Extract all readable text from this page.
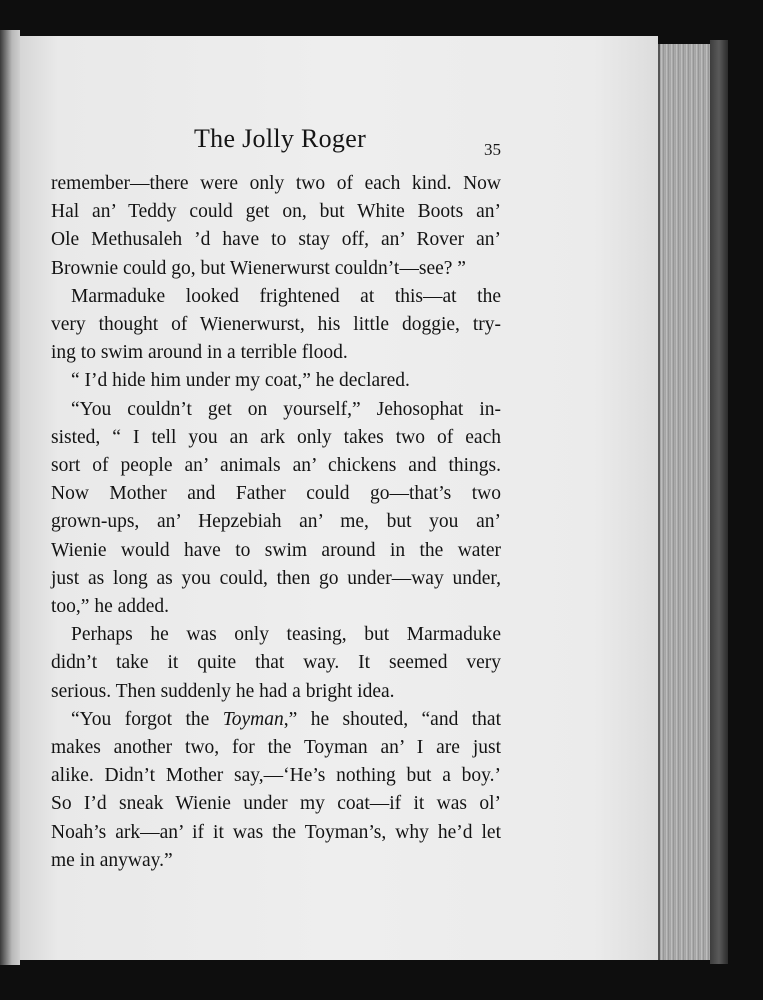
The Jolly Roger	35
remember—there were only two of each kind. Now
Hal an’ Teddy could get on, but White Boots an’
Ole Methusaleh ’d have to stay off, an’ Rover an’
Brownie could go, but Wienerwurst couldn’t—see? ”
Marmaduke looked frightened at this—at the
very thought of Wienerwurst, his little doggie, try-
ing to swim around in a terrible flood.
“ I’d hide him under my coat,” he declared.
“You couldn’t get on yourself,” Jehosophat in-
sisted, “ I tell you an ark only takes two of each
sort of people an’ animals an’ chickens and things.
Now Mother and Father could go—that’s two
grown-ups, an’ Hepzebiah an’ me, but you an’
Wienie would have to swim around in the water
just as long as you could, then go under—way under,
too,” he added.
Perhaps he was only teasing, but Marmaduke
didn’t take it quite that way. It seemed very
serious. Then suddenly he had a bright idea.
“You forgot the Toyman,” he shouted, “and that
makes another two, for the Toyman an’ I are just
alike. Didn’t Mother say,—‘He’s nothing but a boy.’
So I’d sneak Wienie under my coat—if it was ol’
Noah’s ark—an’ if it was the Toyman’s, why he’d let
me in anyway.”
